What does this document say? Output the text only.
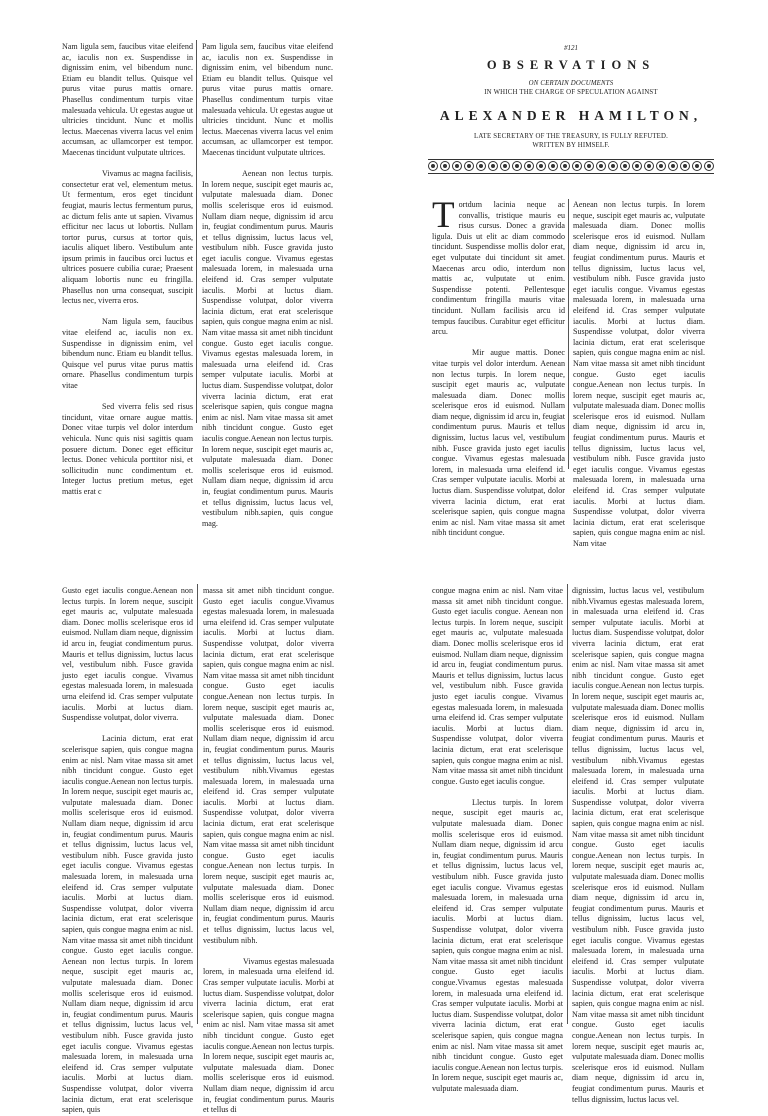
Nam ligula sem, faucibus vitae eleifend ac, iaculis non ex. Suspendisse in dignissim enim, vel bibendum nunc. Etiam eu blandit tellus. Quisque vel purus vitae purus mattis ornare. Phasellus condimentum turpis vitae malesuada vehicula. Ut egestas augue ut ultricies tincidunt. Nunc et mollis lectus. Maecenas viverra lacus vel enim accumsan, ac ullamcorper est tempor. Maecenas tincidunt vulputate ultrices.

Vivamus ac magna facilisis, consectetur erat vel, elementum metus. Ut fermentum, eros eget tincidunt feugiat, mauris lectus fermentum purus, ac dictum felis ante ut sapien. Vivamus efficitur nec lacus ut lobortis. Nullam tortor purus, cursus at tortor quis, iaculis aliquet libero. Vestibulum ante ipsum primis in faucibus orci luctus et ultrices posuere cubilia curae; Praesent aliquam lobortis nunc eu fringilla. Phasellus non urna consequat, suscipit lectus nec, viverra eros.

Nam ligula sem, faucibus vitae eleifend ac, iaculis non ex. Suspendisse in dignissim enim, vel bibendum nunc. Etiam eu blandit tellus. Quisque vel purus vitae purus mattis ornare. Phasellus condimentum turpis vitae

Sed viverra felis sed risus tincidunt, vitae ornare augue mattis. Donec vitae turpis vel dolor interdum vehicula. Nunc quis nisi sagittis quam posuere dictum. Donec eget efficitur lectus. Donec vehicula porttitor nisi, et sollicitudin nunc condimentum et. Integer luctus pretium metus, eget mattis erat c

Pam ligula sem, faucibus vitae eleifend ac, iaculis non ex. Suspendisse in dignissim enim, vel bibendum nunc. Etiam eu blandit tellus. Quisque vel purus vitae purus mattis ornare. Phasellus condimentum turpis vitae malesuada vehicula. Ut egestas augue ut ultricies tincidunt. Nunc et mollis lectus. Maecenas viverra lacus vel enim accumsan, ac ullamcorper est tempor. Maecenas tincidunt vulputate ultrices.

Aenean non lectus turpis. In lorem neque, suscipit eget mauris ac, vulputate malesuada diam. Donec mollis scelerisque eros id euismod. Nullam diam neque, dignissim id arcu in, feugiat condimentum purus. Mauris et tellus dignissim, luctus lacus vel, vestibulum nibh. Fusce gravida justo eget iaculis congue. Vivamus egestas malesuada lorem, in malesuada urna eleifend id. Cras semper vulputate iaculis. Morbi at luctus diam. Suspendisse volutpat, dolor viverra lacinia dictum, erat erat scelerisque sapien, quis congue magna enim ac nisl. Nam vitae massa sit amet nibh tincidunt congue. Gusto eget iaculis congue. Vivamus egestas malesuada lorem, in malesuada urna eleifend id. Cras semper vulputate iaculis. Morbi at luctus diam. Suspendisse volutpat, dolor viverra lacinia dictum, erat erat scelerisque sapien, quis congue magna enim ac nisl. Nam vitae massa sit amet nibh tincidunt congue. Gusto eget iaculis congue.Aenean non lectus turpis. In lorem neque, suscipit eget mauris ac, vulputate malesuada diam. Donec mollis scelerisque eros id euismod. Nullam diam neque, dignissim id arcu in, feugiat condimentum purus. Mauris et tellus dignissim, luctus lacus vel, vestibulum nibh.sapien, quis congue mag.

#121
OBSERVATIONS
ON CERTAIN DOCUMENTS
IN WHICH THE CHARGE OF SPECULATION AGAINST
ALEXANDER HAMILTON,
LATE SECRETARY OF THE TREASURY, IS FULLY REFUTED.
WRITTEN BY HIMSELF.

Tortdum lacinia neque ac convallis, tristique mauris eu risus cursus. Donec a gravida ligula. Duis ut elit ac diam commodo tincidunt. Suspendisse mollis dolor erat, eget vulputate dui tincidunt sit amet. Maecenas arcu odio, interdum non mattis ac, vulputate ut enim. Suspendisse potenti. Pellentesque condimentum fringilla mauris vitae tincidunt. Nullam facilisis arcu id tempus faucibus. Curabitur eget efficitur arcu.

Mir augue mattis. Donec vitae turpis vel dolor interdum. Aenean non lectus turpis. In lorem neque, suscipit eget mauris ac, vulputate malesuada diam. Donec mollis scelerisque eros id euismod. Nullam diam neque, dignissim id arcu in, feugiat condimentum purus. Mauris et tellus dignissim, luctus lacus vel, vestibulum nibh. Fusce gravida justo eget iaculis congue. Vivamus egestas malesuada lorem, in malesuada urna eleifend id. Cras semper vulputate iaculis. Morbi at luctus diam. Suspendisse volutpat, dolor viverra lacinia dictum, erat erat scelerisque sapien, quis congue magna enim ac nisl. Nam vitae massa sit amet nibh tincidunt congue.

Aenean non lectus turpis. In lorem neque, suscipit eget mauris ac, vulputate malesuada diam. Donec mollis scelerisque eros id euismod. Nullam diam neque, dignissim id arcu in, feugiat condimentum purus. Mauris et tellus dignissim, luctus lacus vel, vestibulum nibh. Fusce gravida justo eget iaculis congue. Vivamus egestas malesuada lorem, in malesuada urna eleifend id. Cras semper vulputate iaculis. Morbi at luctus diam. Suspendisse volutpat, dolor viverra lacinia dictum, erat erat scelerisque sapien, quis congue magna enim ac nisl. Nam vitae massa sit amet nibh tincidunt congue. Gusto eget iaculis congue.Aenean non lectus turpis. In lorem neque, suscipit eget mauris ac, vulputate malesuada diam. Donec mollis scelerisque eros id euismod. Nullam diam neque, dignissim id arcu in, feugiat condimentum purus. Mauris et tellus dignissim, luctus lacus vel, vestibulum nibh. Fusce gravida justo eget iaculis congue. Vivamus egestas malesuada lorem, in malesuada urna eleifend id. Cras semper vulputate iaculis. Morbi at luctus diam. Suspendisse volutpat, dolor viverra lacinia dictum, erat erat scelerisque sapien, quis congue magna enim ac nisl. Nam vitae

Gusto eget iaculis congue.Aenean non lectus turpis. In lorem neque, suscipit eget mauris ac, vulputate malesuada diam. Donec mollis scelerisque eros id euismod. Nullam diam neque, dignissim id arcu in, feugiat condimentum purus. Mauris et tellus dignissim, luctus lacus vel, vestibulum nibh. Fusce gravida justo eget iaculis congue. Vivamus egestas malesuada lorem, in malesuada urna eleifend id. Cras semper vulputate iaculis. Morbi at luctus diam. Suspendisse volutpat, dolor viverra.

Lacinia dictum, erat erat scelerisque sapien, quis congue magna enim ac nisl. Nam vitae massa sit amet nibh tincidunt congue. Gusto eget iaculis congue.Aenean non lectus turpis. In lorem neque, suscipit eget mauris ac, vulputate malesuada diam. Donec mollis scelerisque eros id euismod. Nullam diam neque, dignissim id arcu in, feugiat condimentum purus. Mauris et tellus dignissim, luctus lacus vel, vestibulum nibh. Fusce gravida justo eget iaculis congue. Vivamus egestas malesuada lorem, in malesuada urna eleifend id. Cras semper vulputate iaculis. Morbi at luctus diam. Suspendisse volutpat, dolor viverra lacinia dictum, erat erat scelerisque sapien, quis congue magna enim ac nisl. Nam vitae massa sit amet nibh tincidunt congue. Gusto eget iaculis congue. Aenean non lectus turpis. In lorem neque, suscipit eget mauris ac, vulputate malesuada diam. Donec mollis scelerisque eros id euismod. Nullam diam neque, dignissim id arcu in, feugiat condimentum purus. Mauris et tellus dignissim, luctus lacus vel, vestibulum nibh. Fusce gravida justo eget iaculis congue. Vivamus egestas malesuada lorem, in malesuada urna eleifend id. Cras semper vulputate iaculis. Morbi at luctus diam. Suspendisse volutpat, dolor viverra lacinia dictum, erat erat scelerisque sapien, quis

massa sit amet nibh tincidunt congue. Gusto eget iaculis congue.Vivamus egestas malesuada lorem, in malesuada urna eleifend id. Cras semper vulputate iaculis. Morbi at luctus diam. Suspendisse volutpat, dolor viverra lacinia dictum, erat erat scelerisque sapien, quis congue magna enim ac nisl. Nam vitae massa sit amet nibh tincidunt congue. Gusto eget iaculis congue.Aenean non lectus turpis. In lorem neque, suscipit eget mauris ac, vulputate malesuada diam. Donec mollis scelerisque eros id euismod. Nullam diam neque, dignissim id arcu in, feugiat condimentum purus. Mauris et tellus dignissim, luctus lacus vel, vestibulum nibh.Vivamus egestas malesuada lorem, in malesuada urna eleifend id. Cras semper vulputate iaculis. Morbi at luctus diam. Suspendisse volutpat, dolor viverra lacinia dictum, erat erat scelerisque sapien, quis congue magna enim ac nisl. Nam vitae massa sit amet nibh tincidunt congue. Gusto eget iaculis congue.Aenean non lectus turpis. In lorem neque, suscipit eget mauris ac, vulputate malesuada diam. Donec mollis scelerisque eros id euismod. Nullam diam neque, dignissim id arcu in, feugiat condimentum purus. Mauris et tellus dignissim, luctus lacus vel, vestibulum nibh.

Vivamus egestas malesuada lorem, in malesuada urna eleifend id. Cras semper vulputate iaculis. Morbi at luctus diam. Suspendisse volutpat, dolor viverra lacinia dictum, erat erat scelerisque sapien, quis congue magna enim ac nisl. Nam vitae massa sit amet nibh tincidunt congue. Gusto eget iaculis congue.Aenean non lectus turpis. In lorem neque, suscipit eget mauris ac, vulputate malesuada diam. Donec mollis scelerisque eros id euismod. Nullam diam neque, dignissim id arcu in, feugiat condimentum purus. Mauris et tellus di

congue magna enim ac nisl. Nam vitae massa sit amet nibh tincidunt congue. Gusto eget iaculis congue. Aenean non lectus turpis. In lorem neque, suscipit eget mauris ac, vulputate malesuada diam. Donec mollis scelerisque eros id euismod. Nullam diam neque, dignissim id arcu in, feugiat condimentum purus. Mauris et tellus dignissim, luctus lacus vel, vestibulum nibh. Fusce gravida justo eget iaculis congue. Vivamus egestas malesuada lorem, in malesuada urna eleifend id. Cras semper vulputate iaculis. Morbi at luctus diam. Suspendisse volutpat, dolor viverra lacinia dictum, erat erat scelerisque sapien, quis congue magna enim ac nisl. Nam vitae massa sit amet nibh tincidunt congue. Gusto eget iaculis congue.

Llectus turpis. In lorem neque, suscipit eget mauris ac, vulputate malesuada diam. Donec mollis scelerisque eros id euismod. Nullam diam neque, dignissim id arcu in, feugiat condimentum purus. Mauris et tellus dignissim, luctus lacus vel, vestibulum nibh. Fusce gravida justo eget iaculis congue. Vivamus egestas malesuada lorem, in malesuada urna eleifend id. Cras semper vulputate iaculis. Morbi at luctus diam. Suspendisse volutpat, dolor viverra lacinia dictum, erat erat scelerisque sapien, quis congue magna enim ac nisl. Nam vitae massa sit amet nibh tincidunt congue. Gusto eget iaculis congue.Vivamus egestas malesuada lorem, in malesuada urna eleifend id. Cras semper vulputate iaculis. Morbi at luctus diam. Suspendisse volutpat, dolor viverra lacinia dictum, erat erat scelerisque sapien, quis congue magna enim ac nisl. Nam vitae massa sit amet nibh tincidunt congue. Gusto eget iaculis congue.Aenean non lectus turpis. In lorem neque, suscipit eget mauris ac, vulputate malesuada diam.

dignissim, luctus lacus vel, vestibulum nibh.Vivamus egestas malesuada lorem, in malesuada urna eleifend id. Cras semper vulputate iaculis. Morbi at luctus diam. Suspendisse volutpat, dolor viverra lacinia dictum, erat erat scelerisque sapien, quis congue magna enim ac nisl. Nam vitae massa sit amet nibh tincidunt congue. Gusto eget iaculis congue.Aenean non lectus turpis. In lorem neque, suscipit eget mauris ac, vulputate malesuada diam. Donec mollis scelerisque eros id euismod. Nullam diam neque, dignissim id arcu in, feugiat condimentum purus. Mauris et tellus dignissim, luctus lacus vel, vestibulum nibh.Vivamus egestas malesuada lorem, in malesuada urna eleifend id. Cras semper vulputate iaculis. Morbi at luctus diam. Suspendisse volutpat, dolor viverra lacinia dictum, erat erat scelerisque sapien, quis congue magna enim ac nisl. Nam vitae massa sit amet nibh tincidunt congue. Gusto eget iaculis congue.Aenean non lectus turpis. In lorem neque, suscipit eget mauris ac, vulputate malesuada diam. Donec mollis scelerisque eros id euismod. Nullam diam neque, dignissim id arcu in, feugiat condimentum purus. Mauris et tellus dignissim, luctus lacus vel, vestibulum nibh. Fusce gravida justo eget iaculis congue. Vivamus egestas malesuada lorem, in malesuada urna eleifend id. Cras semper vulputate iaculis. Morbi at luctus diam. Suspendisse volutpat, dolor viverra lacinia dictum, erat erat scelerisque sapien, quis congue magna enim ac nisl. Nam vitae massa sit amet nibh tincidunt congue. Gusto eget iaculis congue.Aenean non lectus turpis. In lorem neque, suscipit eget mauris ac, vulputate malesuada diam. Donec mollis scelerisque eros id euismod. Nullam diam neque, dignissim id arcu in, feugiat condimentum purus. Mauris et tellus dignissim, luctus lacus vel.
